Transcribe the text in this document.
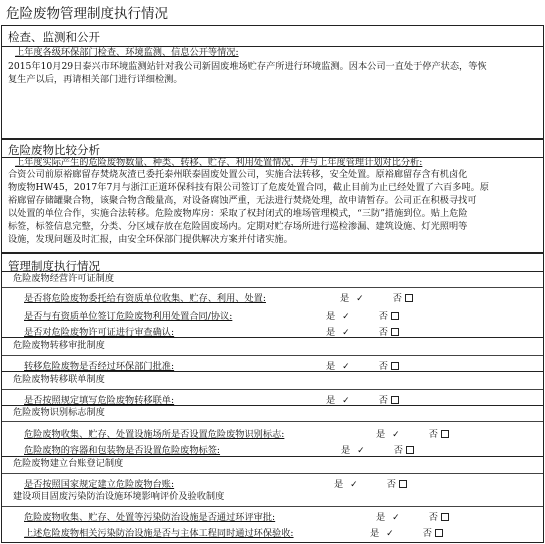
危险废物管理制度执行情况
检查、监测和公开
上年度各级环保部门检查、环境监测、信息公开等情况:
2015年10月29日泰兴市环境监测站针对我公司新固废堆场贮存产所进行环境监测。因本公司一直处于停产状态，等恢
复生产以后，再请相关部门进行详细检测。
危险废物比较分析
上年度实际产生的危险废物数量、种类、转移、贮存、利用处置情况，并与上年度管理计划对比分析:
合资公司前原裕廊留存焚烧灰渣已委托泰州联泰固废处置公司，实施合法转移，安全处置。原裕廊留存含有机卤化
物废物HW45，2017年7月与浙江正道环保科技有限公司签订了危废处置合同，截止目前为止已经处置了六百多吨。原
裕廊留存储罐聚合物，该聚合物含酸量高，对设备腐蚀严重，无法进行焚烧处理，故申请暂存。公司正在积极寻找可
以处置的单位合作，实施合法转移。危险废物库房：采取了权封闭式的堆场管理模式，“三防”措施到位。贴上危险
标签，标签信息完整，分类、分区域存放在危险固废场内。定期对贮存场所进行巡检渗漏、建筑设施、灯光照明等
设施，发现问题及时汇报，由安全环保部门提供解决方案并付诸实施。
管理制度执行情况
危险废物经营许可证制度
是否将危险废物委托给有资质单位收集、贮存、利用、处置:	是 ✓	否
是否与有资质单位签订危险废物利用处置合同/协议:	是 ✓	否
是否对危险废物许可证进行审查确认:	是 ✓	否
危险废物转移审批制度
转移危险废物是否经过环保部门批准:	是 ✓	否
危险废物转移联单制度
是否按照规定填写危险废物转移联单:	是 ✓	否
危险废物识别标志制度
危险废物收集、贮存、处置设施场所是否设置危险废物识别标志:	是 ✓	否
危险废物的容器和包装物是否设置危险废物标签:	是 ✓	否
危险废物建立台账登记制度
是否按照国家规定建立危险废物台账:	是 ✓	否
建设项目固废污染防治设施环境影响评价及验收制度
危险废物收集、贮存、处置等污染防治设施是否通过环评审批:	是 ✓	否
上述危险废物相关污染防治设施是否与主体工程同时通过环保验收:	是 ✓	否
